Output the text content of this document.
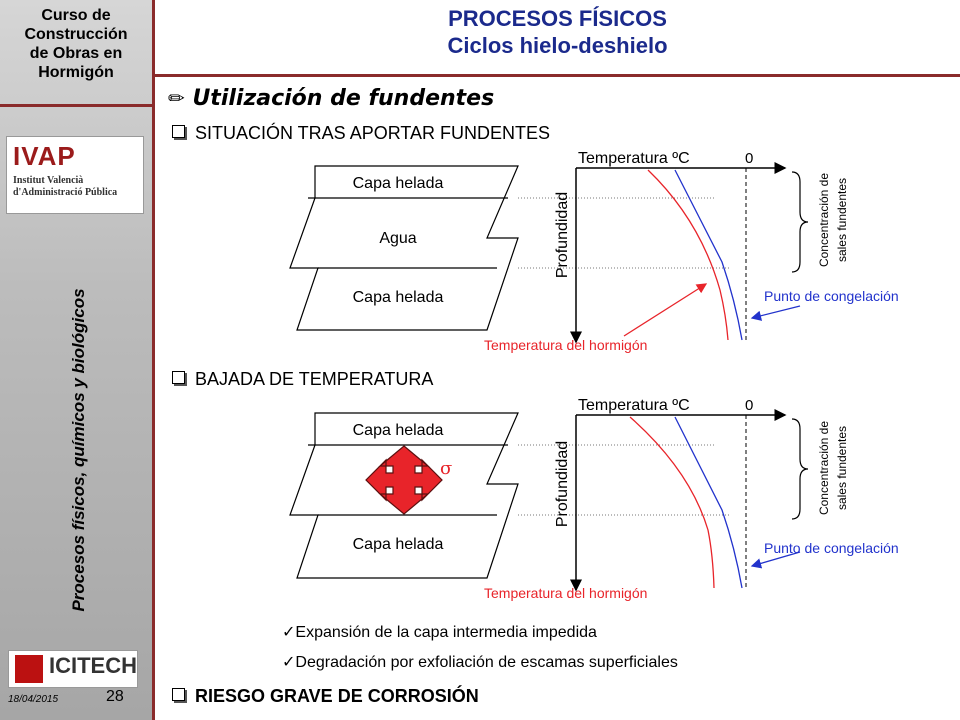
Curso de
Construcción
de Obras en
Hormigón
IVAP
Institut Valencià
d'Administració Pública
Procesos físicos, químicos y biológicos
ICITECH
18/04/2015	28
PROCESOS FÍSICOS
Ciclos hielo-deshielo
✏ Utilización de fundentes
SITUACIÓN TRAS APORTAR FUNDENTES
BAJADA DE TEMPERATURA
✓Expansión de la capa intermedia impedida
✓Degradación por exfoliación de escamas superficiales
RIESGO GRAVE DE CORROSIÓN
Capa helada
Agua
Capa helada
Temperatura ºC	0
Profundidad	Concentración de sales fundentes
Punto de congelación
Temperatura del hormigón
Capa helada
Capa helada
σ
Temperatura ºC	0
Profundidad	Concentración de sales fundentes
Punto de congelación
Temperatura del hormigón
